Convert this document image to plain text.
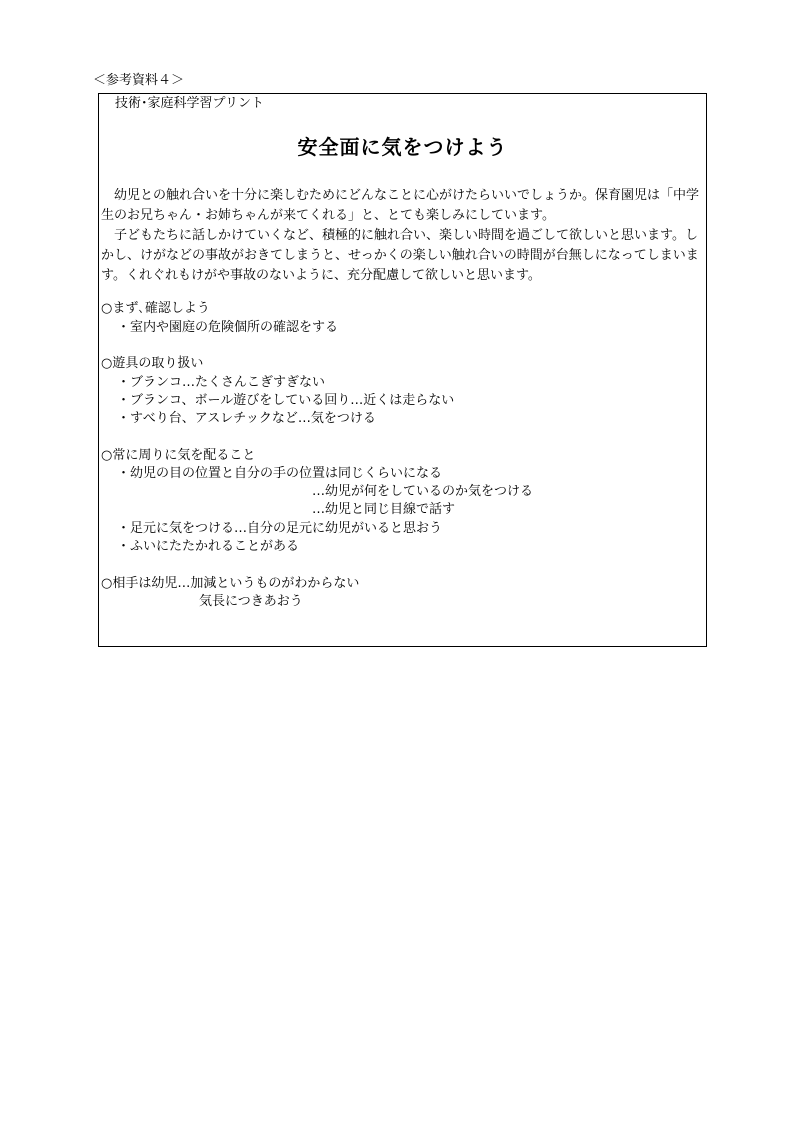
＜参考資料４＞
技術･家庭科学習プリント
安全面に気をつけよう

　幼児との触れ合いを十分に楽しむためにどんなことに心がけたらいいでしょうか。保育園児は「中学生のお兄ちゃん・お姉ちゃんが来てくれる」と、とても楽しみにしています。

　子どもたちに話しかけていくなど、積極的に触れ合い、楽しい時間を過ごして欲しいと思います。しかし、けがなどの事故がおきてしまうと、せっかくの楽しい触れ合いの時間が台無しになってしまいます。くれぐれもけがや事故のないように、充分配慮して欲しいと思います。

○まず､確認しよう
・室内や園庭の危険個所の確認をする
○遊具の取り扱い
・ブランコ…たくさんこぎすぎない
・ブランコ、ボール遊びをしている回り…近くは走らない
・すべり台、アスレチックなど…気をつける
○常に周りに気を配ること
・幼児の目の位置と自分の手の位置は同じくらいになる
…幼児が何をしているのか気をつける
…幼児と同じ目線で話す
・足元に気をつける…自分の足元に幼児がいると思おう
・ふいにたたかれることがある
○相手は幼児…加減というものがわからない
気長につきあおう
